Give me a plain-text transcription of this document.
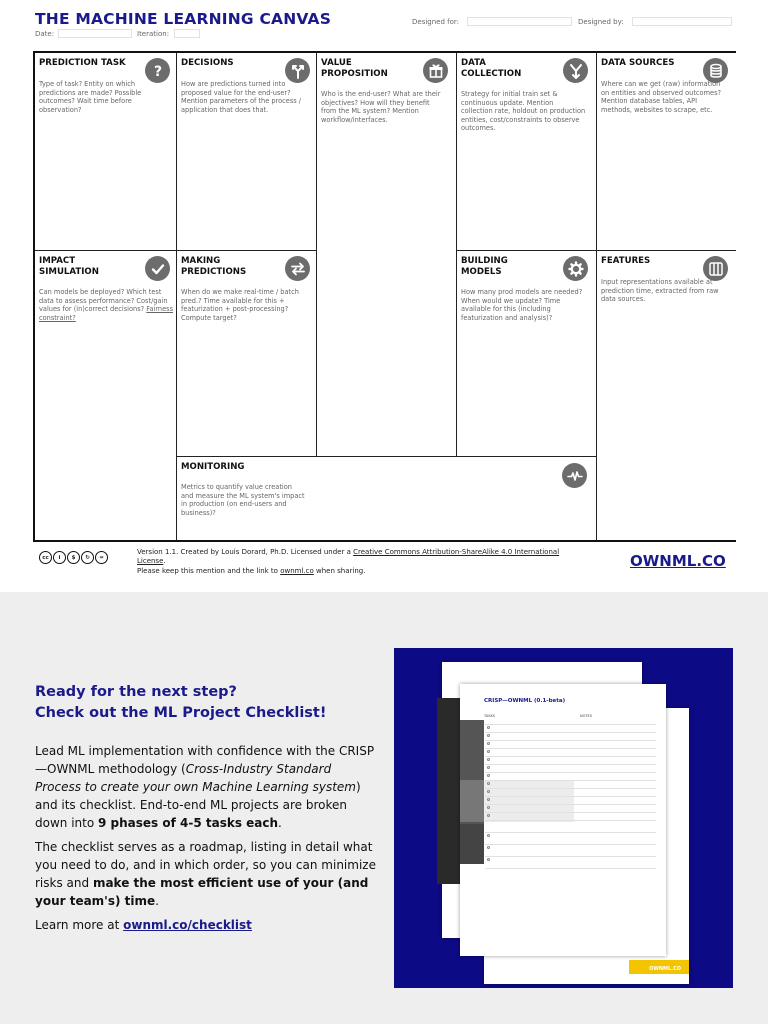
THE MACHINE LEARNING CANVAS	Designed for:	Designed by:
Date:	Iteration:
PREDICTION TASK
?
Type of task? Entity on which predictions are made? Possible outcomes? Wait time before observation?
DECISIONS
How are predictions turned into proposed value for the end-user? Mention parameters of the process / application that does that.
VALUE PROPOSITION
Who is the end-user? What are their objectives? How will they benefit from the ML system? Mention workflow/interfaces.
DATA COLLECTION
Strategy for initial train set & continuous update. Mention collection rate, holdout on production entities, cost/constraints to observe outcomes.
DATA SOURCES
Where can we get (raw) information on entities and observed outcomes? Mention database tables, API methods, websites to scrape, etc.
IMPACT SIMULATION
Can models be deployed? Which test data to assess performance? Cost/gain values for (in)correct decisions? Fairness constraint?
MAKING PREDICTIONS
When do we make real-time / batch pred.? Time available for this + featurization + post-processing? Compute target?
BUILDING MODELS
How many prod models are needed? When would we update? Time available for this (including featurization and analysis)?
FEATURES
Input representations available at prediction time, extracted from raw data sources.
MONITORING
Metrics to quantify value creation and measure the ML system's impact in production (on end-users and business)?
cc	i	$	↻	=
Version 1.1. Created by Louis Dorard, Ph.D. Licensed under a Creative Commons Attribution-ShareAlike 4.0 International License.
Please keep this mention and the link to ownml.co when sharing.
OWNML.CO
Ready for the next step?
Check out the ML Project Checklist!

Lead ML implementation with confidence with the CRISP—OWNML methodology (Cross-Industry Standard Process to create your own Machine Learning system) and its checklist. End-to-end ML projects are broken down into 9 phases of 4-5 tasks each.

The checklist serves as a roadmap, listing in detail what you need to do, and in which order, so you can minimize risks and make the most efficient use of your (and your team's) time.

Learn more at ownml.co/checklist

OWNML.CO
CRISP—OWNML (0.1-beta)
TASKS	NOTES
